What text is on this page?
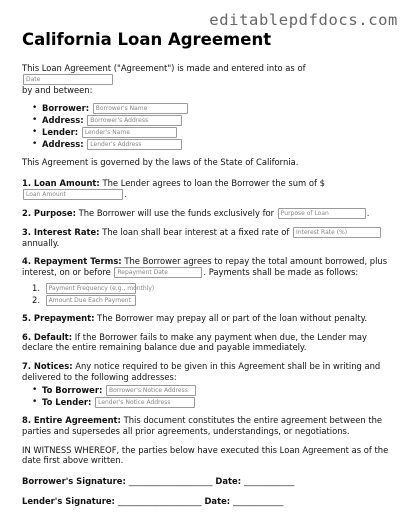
editablepdfdocs.com
California Loan Agreement

This Loan Agreement ("Agreement") is made and entered into as of Date
by and between:

• Borrower: Borrower's Name
• Address: Borrower's Address
• Lender: Lender's Name
• Address: Lender's Address

This Agreement is governed by the laws of the State of California.

1. Loan Amount: The Lender agrees to loan the Borrower the sum of $
Loan Amount	.

2. Purpose: The Borrower will use the funds exclusively for Purpose of Loan	.

3. Interest Rate: The loan shall bear interest at a fixed rate of Interest Rate (%)
annually.

4. Repayment Terms: The Borrower agrees to repay the total amount borrowed, plus interest, on or before Repayment Date	. Payments shall be made as follows:

1. Payment Frequency (e.g., monthly)
2. Amount Due Each Payment

5. Prepayment: The Borrower may prepay all or part of the loan without penalty.

6. Default: If the Borrower fails to make any payment when due, the Lender may declare the entire remaining balance due and payable immediately.

7. Notices: Any notice required to be given in this Agreement shall be in writing and delivered to the following addresses:

• To Borrower: Borrower's Notice Address
• To Lender: Lender's Notice Address

8. Entire Agreement: This document constitutes the entire agreement between the parties and supersedes all prior agreements, understandings, or negotiations.

IN WITNESS WHEREOF, the parties below have executed this Loan Agreement as of the date first above written.

Borrower's Signature: ____________________ Date: ____________
Lender's Signature: ____________________ Date: ____________
